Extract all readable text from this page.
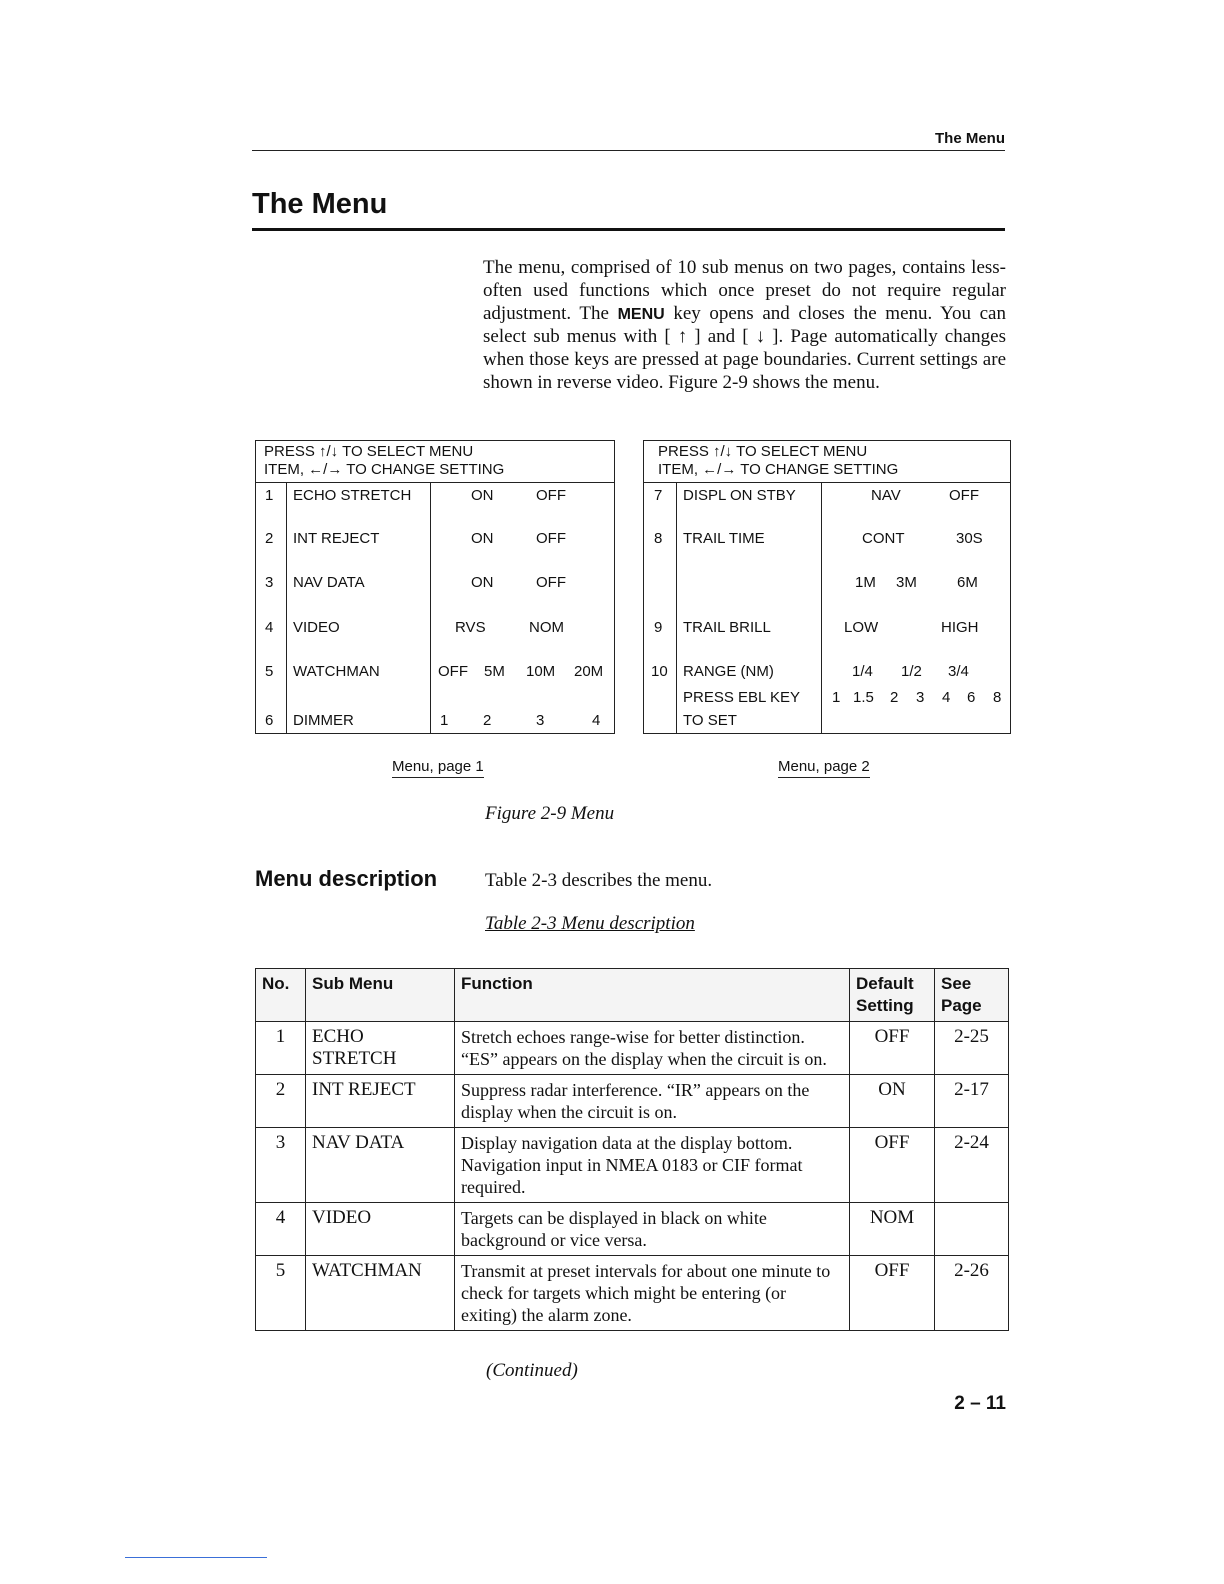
The Menu
The Menu

The menu, comprised of 10 sub menus on two pages, contains less-often used functions which once preset do not require regular adjustment. The MENU key opens and closes the menu. You can select sub menus with [ ↑ ] and [ ↓ ]. Page automatically changes when those keys are pressed at page boundaries. Current settings are shown in reverse video. Figure 2-9 shows the menu.

PRESS ↑/↓ TO SELECT MENU
ITEM, ←/→ TO CHANGE SETTING
1 ECHO STRETCH	ON	OFF
2 INT REJECT	ON	OFF
3 NAV DATA	ON	OFF
4 VIDEO	RVS	NOM
5 WATCHMAN	OFF 5M 10M 20M
6 DIMMER	1 2	3	4
PRESS ↑/↓ TO SELECT MENU
ITEM, ←/→ TO CHANGE SETTING
7 DISPL ON STBY	NAV	OFF
8 TRAIL TIME	CONT	30S
1M 3M	6M
9 TRAIL BRILL	LOW	HIGH
10 RANGE (NM)	1/4 1/2 3/4
PRESS EBL KEY 1 1.5 2 3 4 6 8
TO SET
Menu, page 1	Menu, page 2
Figure 2-9 Menu
Menu description	Table 2-3 describes the menu.
Table 2-3 Menu description
No.	Sub Menu	Function	Default Setting	See Page
1	ECHO STRETCH	Stretch echoes range-wise for better distinction. “ES” appears on the display when the circuit is on.	OFF	2-25
2	INT REJECT	Suppress radar interference. “IR” appears on the display when the circuit is on.	ON	2-17
3	NAV DATA	Display navigation data at the display bottom. Navigation input in NMEA 0183 or CIF format required.	OFF	2-24
4	VIDEO	Targets can be displayed in black on white background or vice versa.	NOM	
5	WATCHMAN	Transmit at preset intervals for about one minute to check for targets which might be entering (or exiting) the alarm zone.	OFF	2-26
(Continued)
2 – 11
